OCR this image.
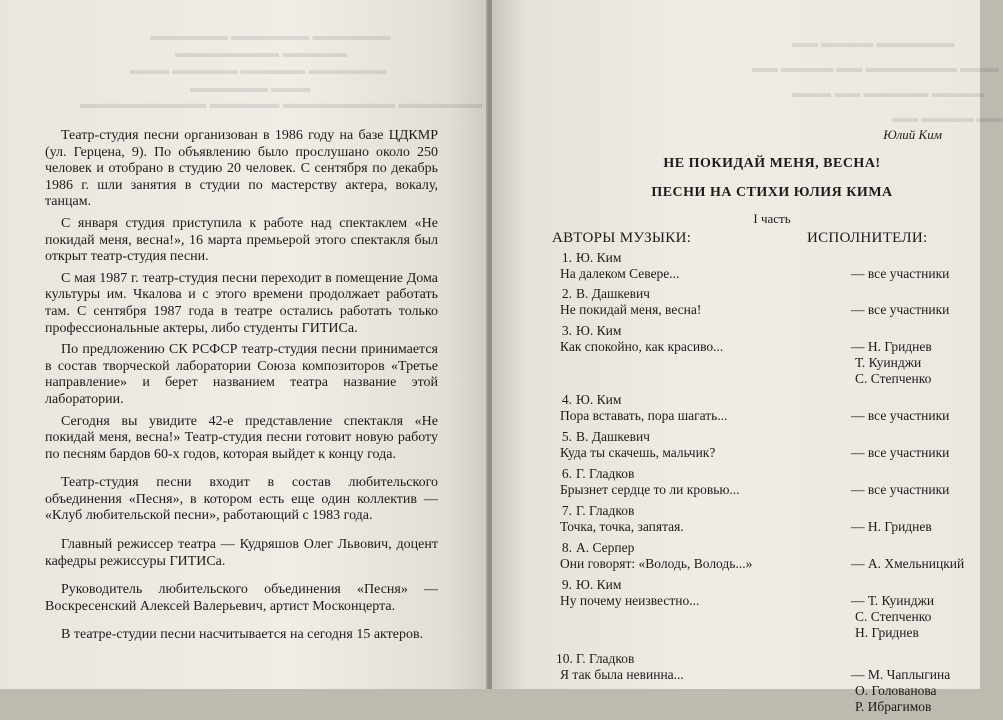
▬▬▬▬▬▬ ▬▬▬▬▬▬ ▬▬▬▬▬▬
▬▬▬▬▬ ▬▬▬▬▬▬▬▬
▬▬▬▬▬▬ ▬▬▬▬▬ ▬▬▬▬▬ ▬▬▬
▬▬▬ ▬▬▬▬▬▬
▬▬▬▬▬▬ ▬▬▬▬▬▬▬▬ ▬▬▬▬▬ ▬▬▬▬▬▬▬▬▬

Театр-студия песни организован в 1986 году на базе ЦДКМР (ул. Герцена, 9). По объявлению было прослушано около 250 человек и отобрано в студию 20 человек. С сентября по декабрь 1986 г. шли занятия в студии по мастерству актера, вокалу, танцам.

С января студия приступила к работе над спектаклем «Не покидай меня, весна!», 16 марта премьерой этого спектакля был открыт театр-студия песни.

С мая 1987 г. театр-студия песни переходит в помещение Дома культуры им. Чкалова и с этого времени продолжает работать там. С сентября 1987 года в театре остались работать только профессиональные актеры, либо студенты ГИТИСа.

По предложению СК РСФСР театр-студия песни принимается в состав творческой лаборатории Союза композиторов «Третье направление» и берет названием театра название этой лаборатории.

Сегодня вы увидите 42-е представление спектакля «Не покидай меня, весна!» Театр-студия песни готовит новую работу по песням бардов 60-х годов, которая выйдет к концу года.

Театр-студия песни входит в состав любительского объединения «Песня», в котором есть еще один коллектив — «Клуб любительской песни», работающий с 1983 года.

Главный режиссер театра — Кудряшов Олег Львович, доцент кафедры режиссуры ГИТИСа.

Руководитель любительского объединения «Песня» — Воскресенский Алексей Валерьевич, артист Москонцерта.

В театре-студии песни насчитывается на сегодня 15 актеров.

▬▬▬▬▬▬ ▬▬▬▬ ▬▬
▬▬▬ ▬▬▬▬▬▬▬ ▬▬ ▬▬▬▬ ▬▬
▬▬▬▬ ▬▬▬▬▬ ▬▬ ▬▬▬
▬▬ ▬▬▬▬ ▬▬
Юлий Ким
НЕ ПОКИДАЙ МЕНЯ, ВЕСНА!
ПЕСНИ НА СТИХИ ЮЛИЯ КИМА
I часть
АВТОРЫ МУЗЫКИ:	ИСПОЛНИТЕЛИ:
1. Ю. Ким
На далеком Севере...	— все участники
2. В. Дашкевич
Не покидай меня, весна!	— все участники
3. Ю. Ким
Как спокойно, как красиво...	— Н. Гриднев
Т. Куинджи
С. Степченко
4. Ю. Ким
Пора вставать, пора шагать...	— все участники
5. В. Дашкевич
Куда ты скачешь, мальчик?	— все участники
6. Г. Гладков
Брызнет сердце то ли кровью...	— все участники
7. Г. Гладков
Точка, точка, запятая.	— Н. Гриднев
8. А. Серпер
Они говорят: «Володь, Володь...»	— А. Хмельницкий
9. Ю. Ким
Ну почему неизвестно...	— Т. Куинджи
С. Степченко
Н. Гриднев
10. Г. Гладков
Я так была невинна...	— М. Чаплыгина
О. Голованова
Р. Ибрагимов
